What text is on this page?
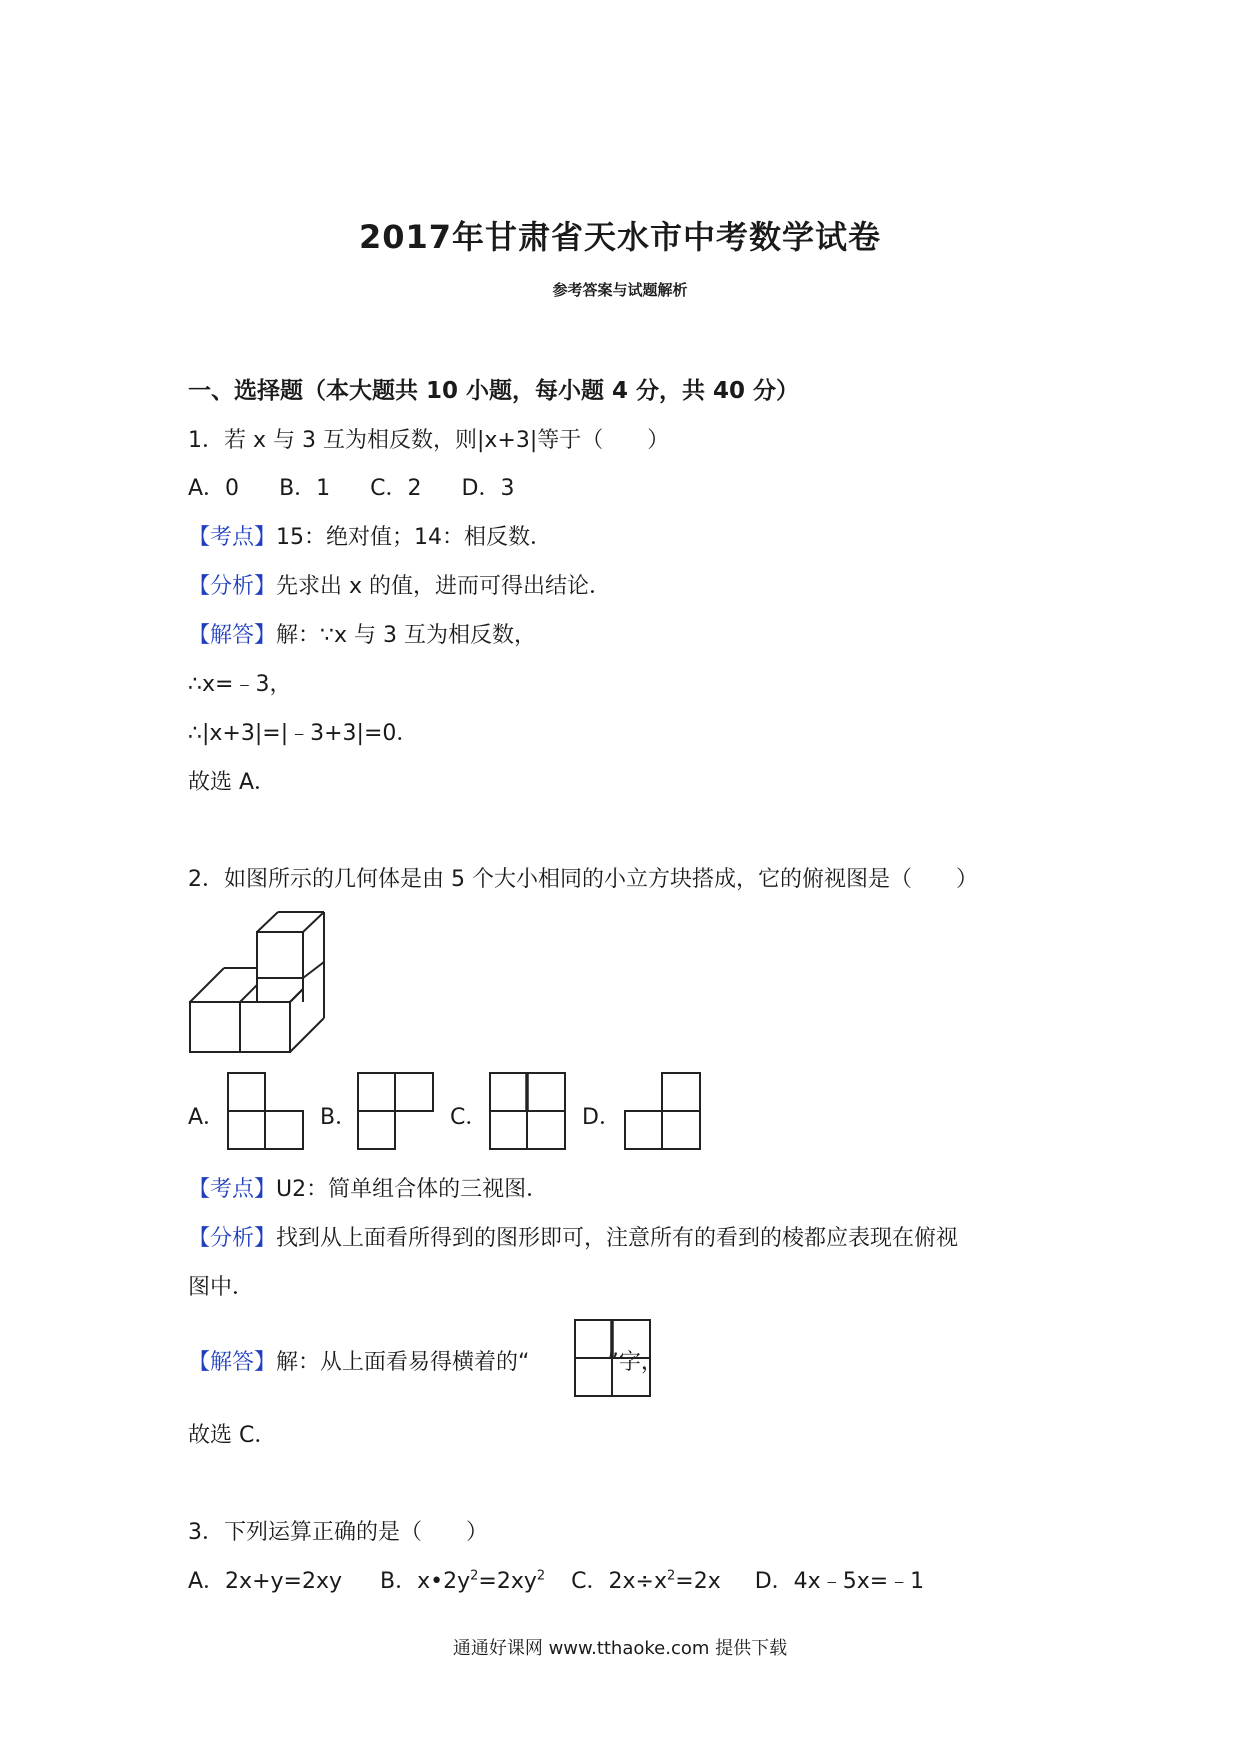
2017年甘肃省天水市中考数学试卷
参考答案与试题解析
一、选择题（本大题共 10 小题，每小题 4 分，共 40 分）
1．若 x 与 3 互为相反数，则|x+3|等于（　　）
A．0 B．1 C．2 D．3
【考点】15：绝对值；14：相反数．
【分析】先求出 x 的值，进而可得出结论．
【解答】解：∵x 与 3 互为相反数，
∴x=﹣3，
∴|x+3|=|﹣3+3|=0．
故选 A．
2．如图所示的几何体是由 5 个大小相同的小立方块搭成，它的俯视图是（　　）
A．	B．	C．	D．
【考点】U2：简单组合体的三视图．
【分析】找到从上面看所得到的图形即可，注意所有的看到的棱都应表现在俯视
图中．
【解答】解：从上面看易得横着的“	”字，
故选 C．
3．下列运算正确的是（　　）
A．2x+y=2xy B．$x•2y^2=2xy^2$ C．$2x\div x^2=2x$ D．4x﹣5x=﹣1
通通好课网 www.tthaoke.com 提供下载
